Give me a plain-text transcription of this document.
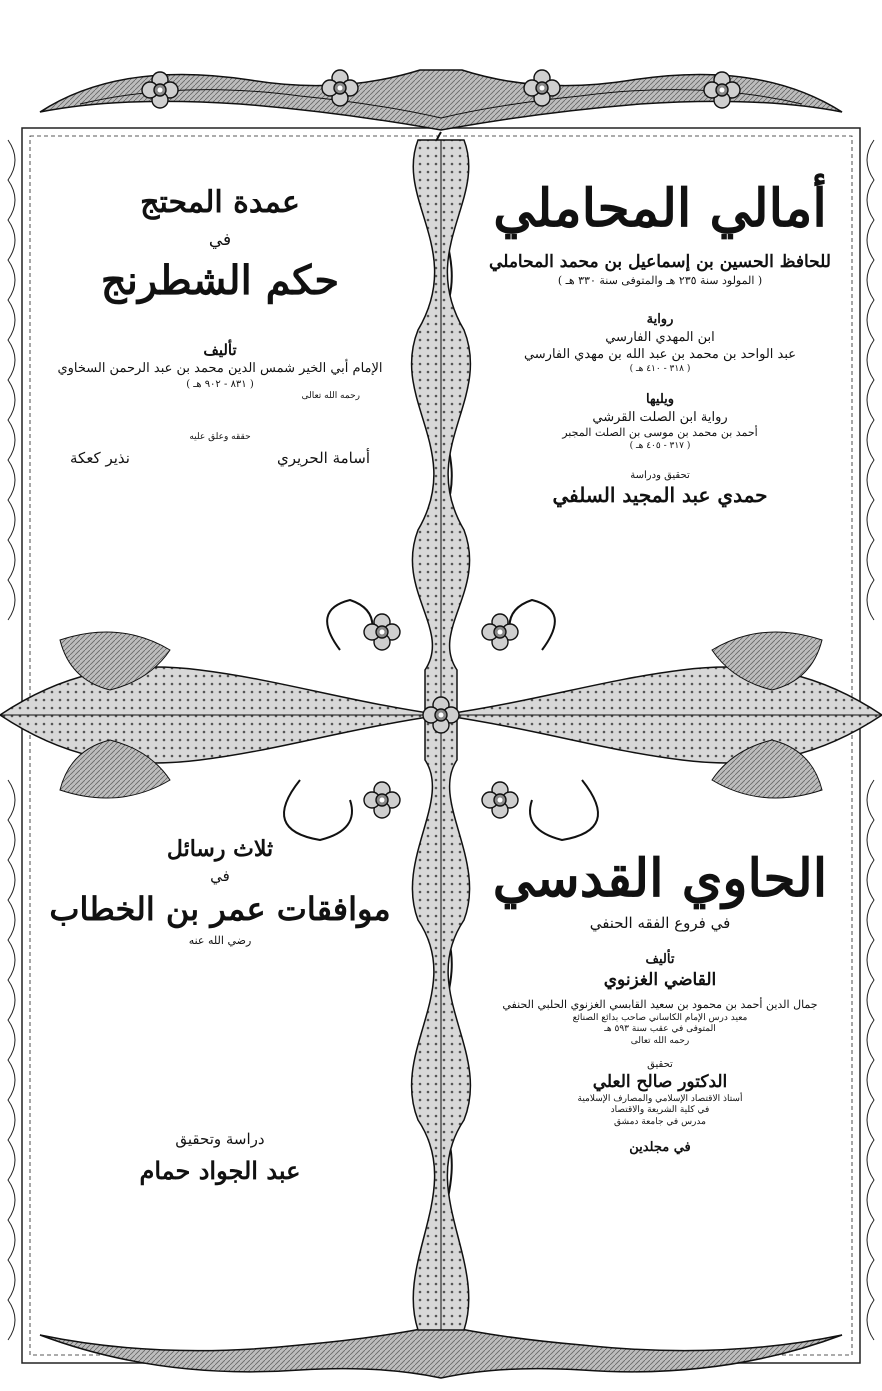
أمالي المحاملي
للحافظ الحسين بن إسماعيل بن محمد المحاملي
( المولود سنة ٢٣٥ هـ والمتوفى سنة ٣٣٠ هـ )
رواية
ابن المهدي الفارسي
عبد الواحد بن محمد بن عبد الله بن مهدي الفارسي
( ٣١٨ - ٤١٠ هـ )
ويليها
رواية ابن الصلت القرشي
أحمد بن محمد بن موسى بن الصلت المجبر
( ٣١٧ - ٤٠٥ هـ )
تحقيق ودراسة
حمدي عبد المجيد السلفي
عمدة المحتج
في
حكم الشطرنج
تأليف
الإمام أبي الخير شمس الدين محمد بن عبد الرحمن السخاوي
( ٨٣١ - ٩٠٢ هـ )
رحمه الله تعالى
حققه وعلق عليه
أسامة الحريري
نذير كعكة
الحاوي القدسي
في فروع الفقه الحنفي
تأليف
القاضي الغزنوي
جمال الدين أحمد بن محمود بن سعيد القابسي الغزنوي الحلبي الحنفي
معيد درس الإمام الكاساني صاحب بدائع الصنائع
المتوفى في عقب سنة ٥٩٣ هـ
رحمه الله تعالى
تحقيق
الدكتور صالح العلي
أستاذ الاقتصاد الإسلامي والمصارف الإسلامية
في كلية الشريعة والاقتصاد
مدرس في جامعة دمشق
في مجلدين
ثلاث رسائل
في
موافقات عمر بن الخطاب
رضي الله عنه
دراسة وتحقيق
عبد الجواد حمام
